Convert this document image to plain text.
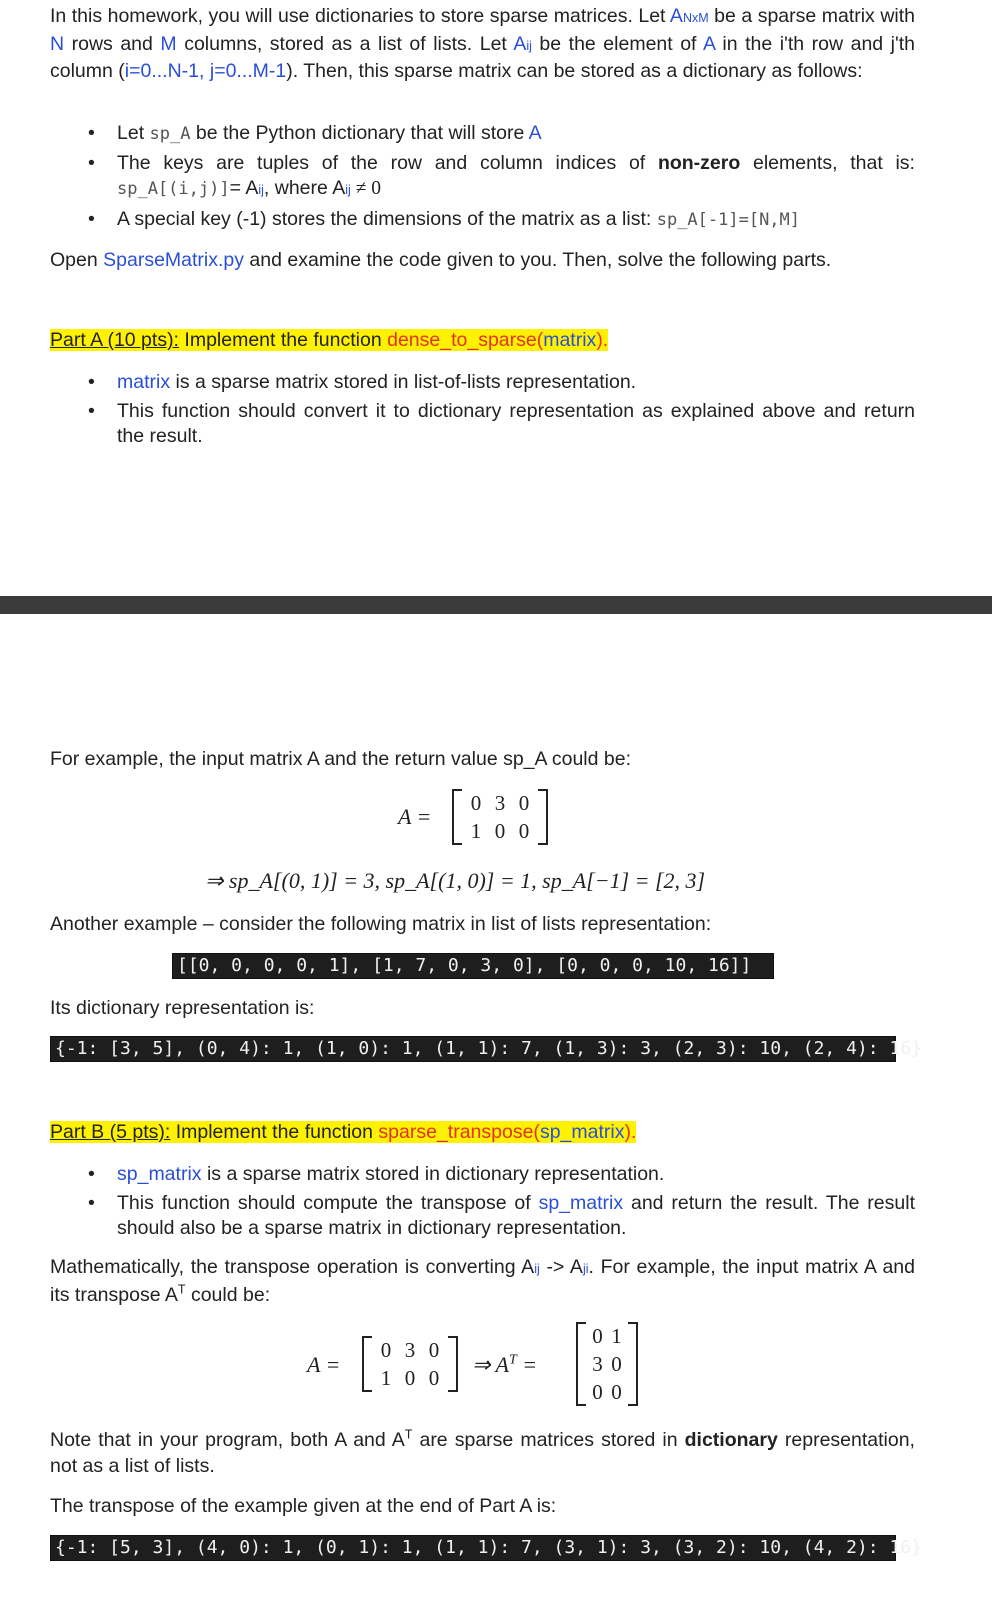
In this homework, you will use dictionaries to store sparse matrices. Let ANxM be a sparse matrix with N rows and M columns, stored as a list of lists. Let Aij be the element of A in the i'th row and j'th column (i=0...N-1, j=0...M-1). Then, this sparse matrix can be stored as a dictionary as follows:
• Let sp_A be the Python dictionary that will store A
• The keys are tuples of the row and column indices of non-zero elements, that is: sp_A[(i,j)]= Aij, where Aij ≠ 0
• A special key (-1) stores the dimensions of the matrix as a list: sp_A[-1]=[N,M]
Open SparseMatrix.py and examine the code given to you. Then, solve the following parts.
Part A (10 pts): Implement the function dense_to_sparse(matrix).
• matrix is a sparse matrix stored in list-of-lists representation.
• This function should convert it to dictionary representation as explained above and return the result.
For example, the input matrix A and the return value sp_A could be:
A =
0 3 0
1 0 0
⇒ sp_A[(0, 1)] = 3, sp_A[(1, 0)] = 1, sp_A[−1] = [2, 3]
Another example – consider the following matrix in list of lists representation:
[[0, 0, 0, 0, 1], [1, 7, 0, 3, 0], [0, 0, 0, 10, 16]]
Its dictionary representation is:
{-1: [3, 5], (0, 4): 1, (1, 0): 1, (1, 1): 7, (1, 3): 3, (2, 3): 10, (2, 4): 16}
Part B (5 pts): Implement the function sparse_transpose(sp_matrix).
• sp_matrix is a sparse matrix stored in dictionary representation.
• This function should compute the transpose of sp_matrix and return the result. The result should also be a sparse matrix in dictionary representation.
Mathematically, the transpose operation is converting Aij -> Aji. For example, the input matrix A and its transpose $A^T$ could be:
A =
0 3 0
1 0 0
⇒ $A^T$ =
0 1
3 0
0 0
Note that in your program, both A and $A^T$ are sparse matrices stored in dictionary representation, not as a list of lists.
The transpose of the example given at the end of Part A is:
{-1: [5, 3], (4, 0): 1, (0, 1): 1, (1, 1): 7, (3, 1): 3, (3, 2): 10, (4, 2): 16}
